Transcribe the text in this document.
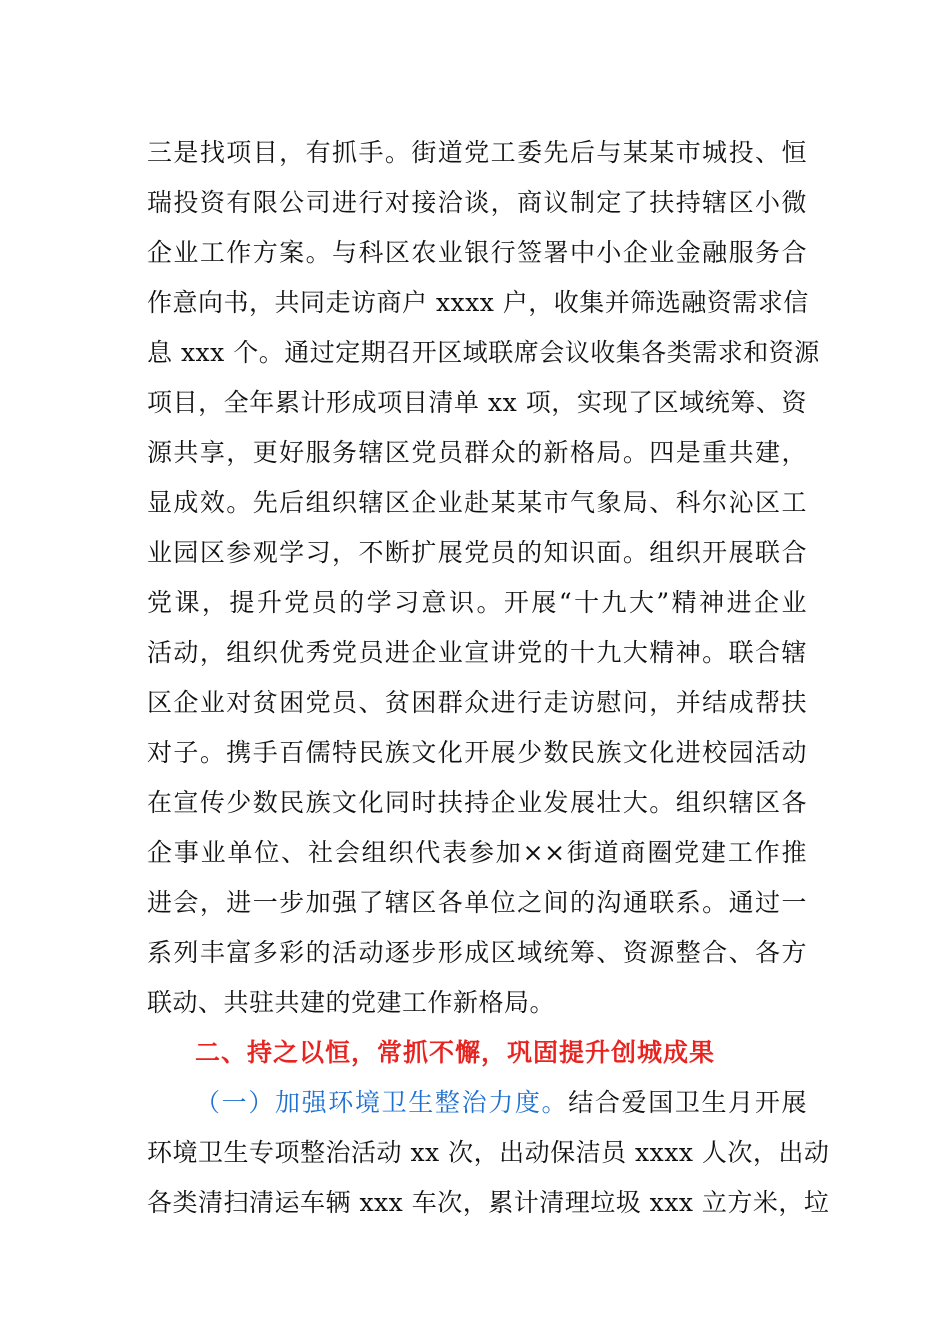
三是找项目，有抓手。街道党工委先后与某某市城投、恒
瑞投资有限公司进行对接洽谈，商议制定了扶持辖区小微
企业工作方案。与科区农业银行签署中小企业金融服务合
作意向书，共同走访商户 xxxx 户，收集并筛选融资需求信
息 xxx 个。通过定期召开区域联席会议收集各类需求和资源
项目，全年累计形成项目清单 xx 项，实现了区域统筹、资
源共享，更好服务辖区党员群众的新格局。四是重共建，
显成效。先后组织辖区企业赴某某市气象局、科尔沁区工
业园区参观学习，不断扩展党员的知识面。组织开展联合
党课，提升党员的学习意识。开展“十九大”精神进企业
活动，组织优秀党员进企业宣讲党的十九大精神。联合辖
区企业对贫困党员、贫困群众进行走访慰问，并结成帮扶
对子。携手百儒特民族文化开展少数民族文化进校园活动
在宣传少数民族文化同时扶持企业发展壮大。组织辖区各
企事业单位、社会组织代表参加××街道商圈党建工作推
进会，进一步加强了辖区各单位之间的沟通联系。通过一
系列丰富多彩的活动逐步形成区域统筹、资源整合、各方
联动、共驻共建的党建工作新格局。
二、持之以恒，常抓不懈，巩固提升创城成果
（一）加强环境卫生整治力度。结合爱国卫生月开展
环境卫生专项整治活动 xx 次，出动保洁员 xxxx 人次，出动
各类清扫清运车辆 xxx 车次，累计清理垃圾 xxx 立方米，垃
